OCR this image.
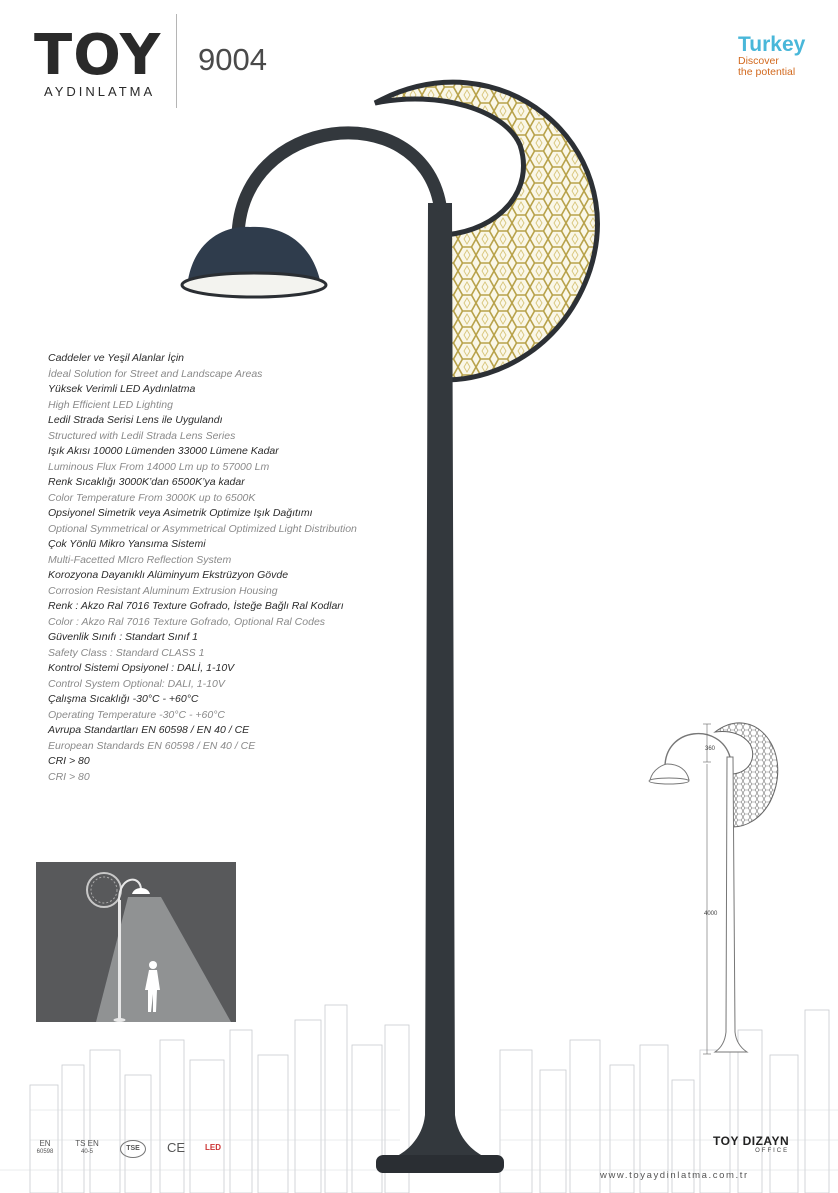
TOY
AYDINLATMA
9004	Turkey
Discover
the potential
Caddeler ve Yeşil Alanlar İçin
İdeal Solution for Street and Landscape Areas
Yüksek Verimli LED Aydınlatma
High Efficient LED Lighting
Ledil Strada Serisi Lens ile Uygulandı
Structured with Ledil Strada Lens Series
Işık Akısı 10000 Lümenden 33000 Lümene Kadar
Luminous Flux From 14000 Lm up to 57000 Lm
Renk Sıcaklığı 3000K’dan 6500K’ya kadar
Color Temperature From 3000K up to 6500K
Opsiyonel Simetrik veya Asimetrik Optimize Işık Dağıtımı
Optional Symmetrical or Asymmetrical Optimized Light Distribution
Çok Yönlü Mikro Yansıma Sistemi
Multi-Facetted MIcro Reflection System
Korozyona Dayanıklı Alüminyum Ekstrüzyon Gövde
Corrosion Resistant Aluminum Extrusion Housing
Renk : Akzo Ral 7016 Texture Gofrado, İsteğe Bağlı Ral Kodları
Color : Akzo Ral 7016 Texture Gofrado, Optional Ral Codes
Güvenlik Sınıfı : Standart Sınıf 1
Safety Class : Standard CLASS 1
Kontrol Sistemi Opsiyonel : DALİ, 1-10V
Control System Optional: DALI, 1-10V
Çalışma Sıcaklığı -30°C - +60°C
Operating Temperature -30°C - +60°C
Avrupa Standartları EN 60598 / EN 40 / CE
European Standards EN 60598 / EN 40 / CE
CRI > 80
CRI > 80
360
4000
EN
60598
TS EN
40-5	TSE	CE	LED	TOY DIZAYN
OFFICE
www.toyaydinlatma.com.tr
